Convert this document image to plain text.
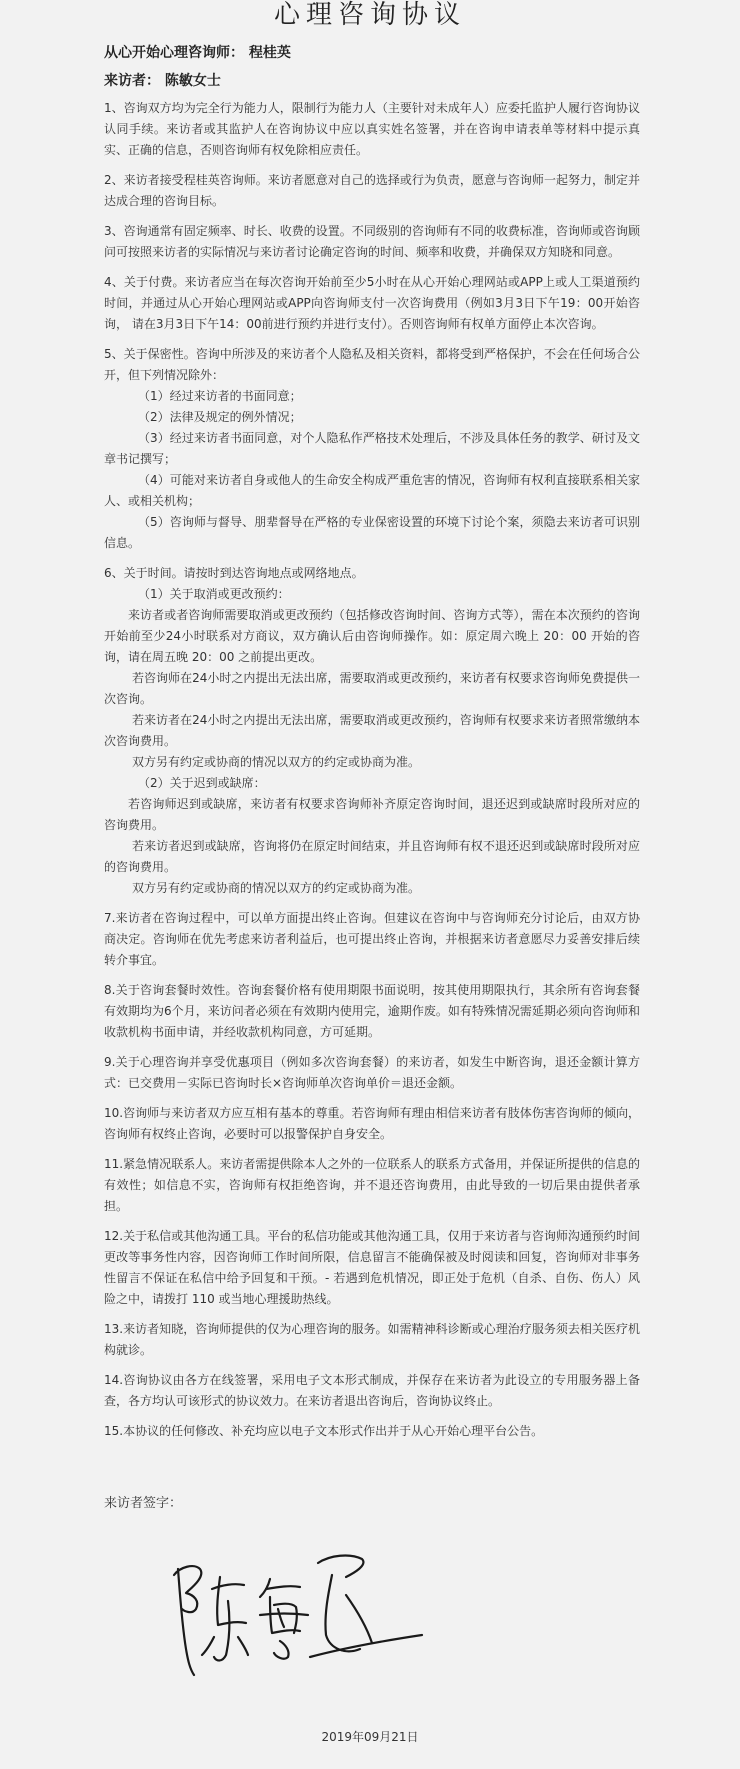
心理咨询协议

从心开始心理咨询师： 程桂英

来访者： 陈敏女士

1、咨询双方均为完全行为能力人，限制行为能力人（主要针对未成年人）应委托监护人履行咨询协议认同手续。来访者或其监护人在咨询协议中应以真实姓名签署，并在咨询申请表单等材料中提示真实、正确的信息，否则咨询师有权免除相应责任。

2、来访者接受程桂英咨询师。来访者愿意对自己的选择或行为负责，愿意与咨询师一起努力，制定并达成合理的咨询目标。

3、咨询通常有固定频率、时长、收费的设置。不同级别的咨询师有不同的收费标准，咨询师或咨询顾问可按照来访者的实际情况与来访者讨论确定咨询的时间、频率和收费，并确保双方知晓和同意。

4、关于付费。来访者应当在每次咨询开始前至少5小时在从心开始心理网站或APP上或人工渠道预约时间，并通过从心开始心理网站或APP向咨询师支付一次咨询费用（例如3月3日下午19：00开始咨询， 请在3月3日下午14：00前进行预约并进行支付）。否则咨询师有权单方面停止本次咨询。

5、关于保密性。咨询中所涉及的来访者个人隐私及相关资料，都将受到严格保护，不会在任何场合公开，但下列情况除外：

（1）经过来访者的书面同意；

（2）法律及规定的例外情况；

（3）经过来访者书面同意，对个人隐私作严格技术处理后，不涉及具体任务的教学、研讨及文章书记撰写；

（4）可能对来访者自身或他人的生命安全构成严重危害的情况，咨询师有权利直接联系相关家人、或相关机构；

（5）咨询师与督导、朋辈督导在严格的专业保密设置的环境下讨论个案，须隐去来访者可识别信息。

6、关于时间。请按时到达咨询地点或网络地点。

（1）关于取消或更改预约：

来访者或者咨询师需要取消或更改预约（包括修改咨询时间、咨询方式等），需在本次预约的咨询开始前至少24小时联系对方商议，双方确认后由咨询师操作。如：原定周六晚上 20：00 开始的咨询，请在周五晚 20：00 之前提出更改。

若咨询师在24小时之内提出无法出席，需要取消或更改预约，来访者有权要求咨询师免费提供一次咨询。

若来访者在24小时之内提出无法出席，需要取消或更改预约，咨询师有权要求来访者照常缴纳本次咨询费用。

双方另有约定或协商的情况以双方的约定或协商为准。

（2）关于迟到或缺席：

若咨询师迟到或缺席，来访者有权要求咨询师补齐原定咨询时间，退还迟到或缺席时段所对应的咨询费用。

若来访者迟到或缺席，咨询将仍在原定时间结束，并且咨询师有权不退还迟到或缺席时段所对应的咨询费用。

双方另有约定或协商的情况以双方的约定或协商为准。

7.来访者在咨询过程中，可以单方面提出终止咨询。但建议在咨询中与咨询师充分讨论后，由双方协商决定。咨询师在优先考虑来访者利益后，也可提出终止咨询，并根据来访者意愿尽力妥善安排后续转介事宜。

8.关于咨询套餐时效性。咨询套餐价格有使用期限书面说明，按其使用期限执行，其余所有咨询套餐有效期均为6个月，来访问者必须在有效期内使用完，逾期作废。如有特殊情况需延期必须向咨询师和收款机构书面申请，并经收款机构同意，方可延期。

9.关于心理咨询并享受优惠项目（例如多次咨询套餐）的来访者，如发生中断咨询，退还金额计算方式：已交费用－实际已咨询时长×咨询师单次咨询单价＝退还金额。

10.咨询师与来访者双方应互相有基本的尊重。若咨询师有理由相信来访者有肢体伤害咨询师的倾向，咨询师有权终止咨询，必要时可以报警保护自身安全。

11.紧急情况联系人。来访者需提供除本人之外的一位联系人的联系方式备用，并保证所提供的信息的有效性；如信息不实，咨询师有权拒绝咨询，并不退还咨询费用，由此导致的一切后果由提供者承担。

12.关于私信或其他沟通工具。平台的私信功能或其他沟通工具，仅用于来访者与咨询师沟通预约时间更改等事务性内容，因咨询师工作时间所限，信息留言不能确保被及时阅读和回复，咨询师对非事务性留言不保证在私信中给予回复和干预。- 若遇到危机情况，即正处于危机（自杀、自伤、伤人）风险之中，请拨打 110 或当地心理援助热线。

13.来访者知晓，咨询师提供的仅为心理咨询的服务。如需精神科诊断或心理治疗服务须去相关医疗机构就诊。

14.咨询协议由各方在线签署，采用电子文本形式制成，并保存在来访者为此设立的专用服务器上备查，各方均认可该形式的协议效力。在来访者退出咨询后，咨询协议终止。

15.本协议的任何修改、补充均应以电子文本形式作出并于从心开始心理平台公告。

来访者签字：

2019年09月21日
